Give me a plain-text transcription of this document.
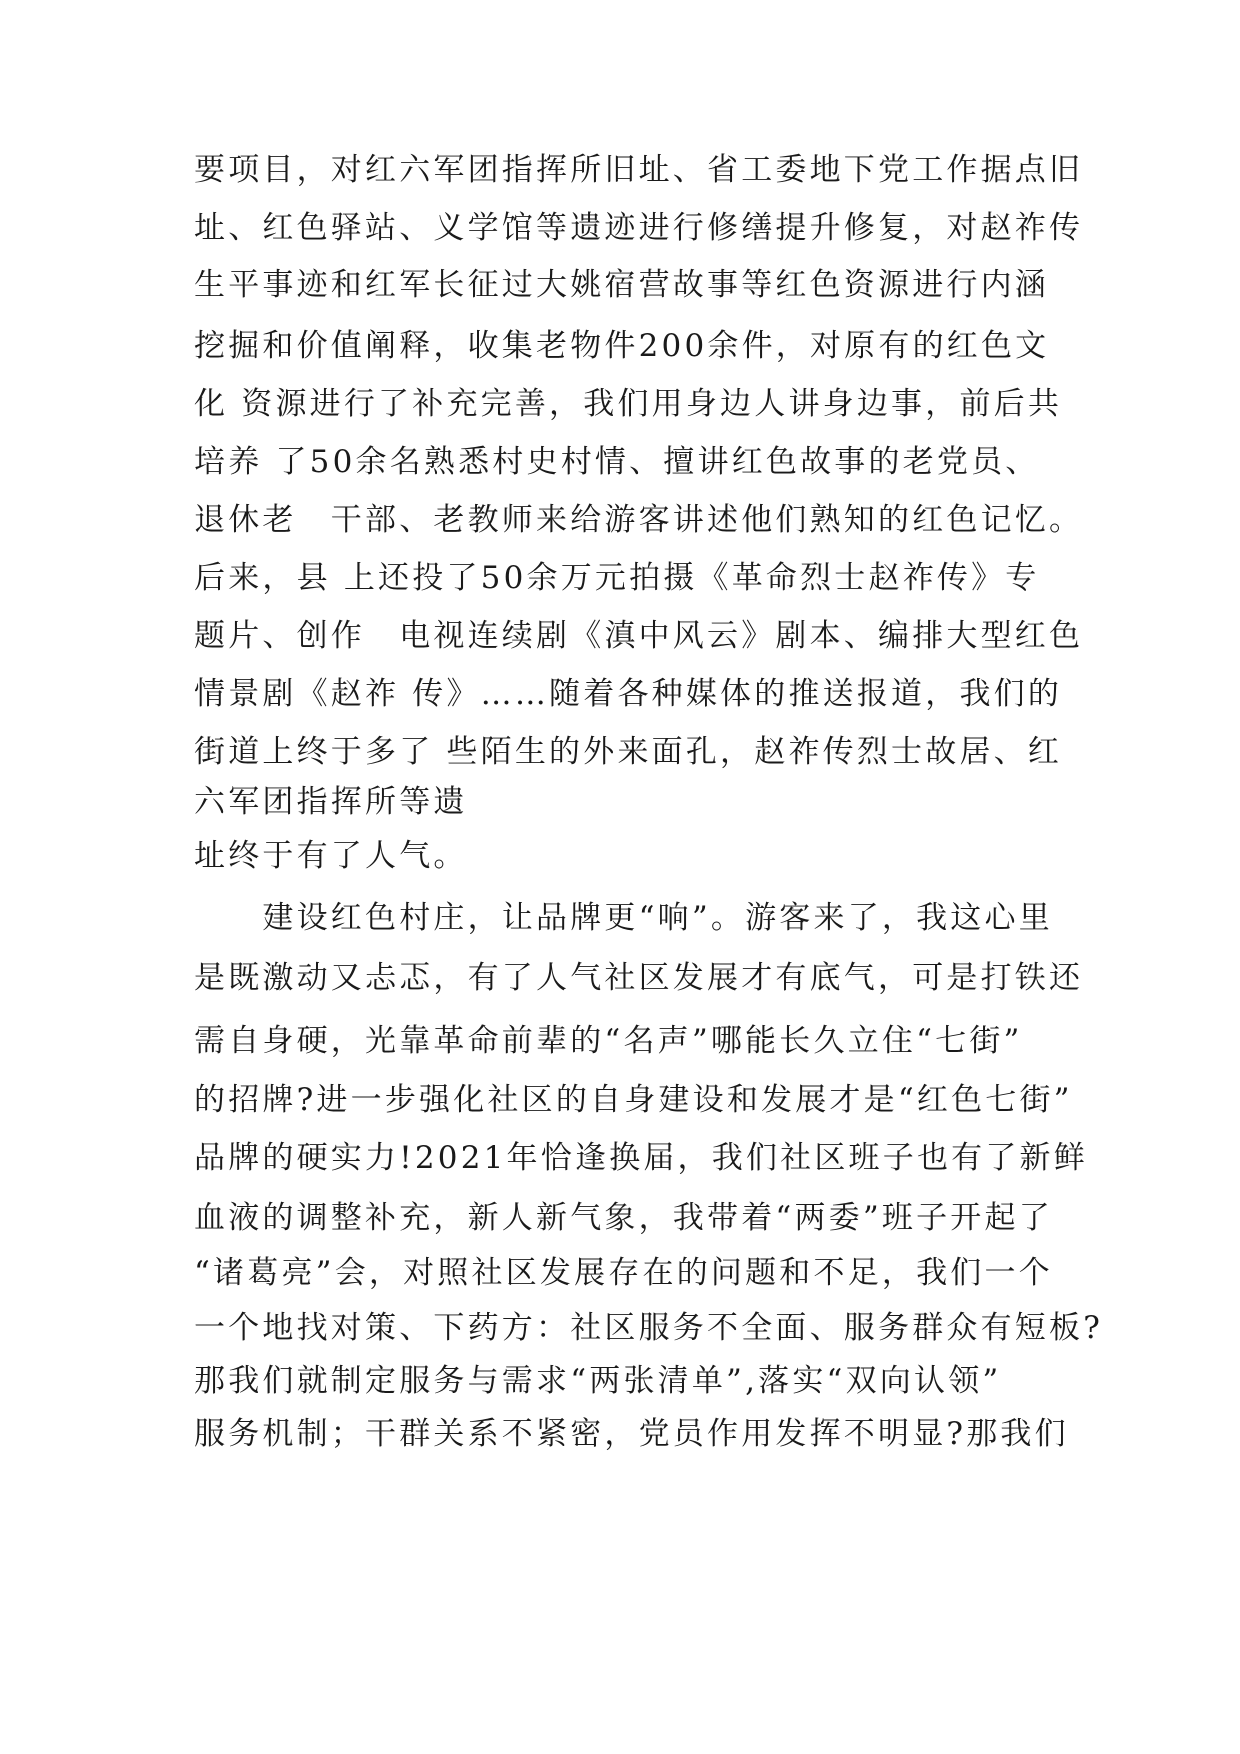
要项目，对红六军团指挥所旧址、省工委地下党工作据点旧

址、红色驿站、义学馆等遗迹进行修缮提升修复，对赵祚传

生平事迹和红军长征过大姚宿营故事等红色资源进行内涵

挖掘和价值阐释，收集老物件200余件，对原有的红色文

化 资源进行了补充完善，我们用身边人讲身边事，前后共

培养 了50余名熟悉村史村情、擅讲红色故事的老党员、

退休老　干部、老教师来给游客讲述他们熟知的红色记忆。

后来，县 上还投了50余万元拍摄《革命烈士赵祚传》专

题片、创作　电视连续剧《滇中风云》剧本、编排大型红色

情景剧《赵祚 传》……随着各种媒体的推送报道，我们的

街道上终于多了 些陌生的外来面孔，赵祚传烈士故居、红

六军团指挥所等遗

址终于有了人气。

　　建设红色村庄，让品牌更“响”。游客来了，我这心里

是既激动又忐忑，有了人气社区发展才有底气，可是打铁还

需自身硬，光靠革命前辈的“名声”哪能长久立住“七街”

的招牌?进一步强化社区的自身建设和发展才是“红色七街”

品牌的硬实力!2021年恰逢换届，我们社区班子也有了新鲜

血液的调整补充，新人新气象，我带着“两委”班子开起了

“诸葛亮”会，对照社区发展存在的问题和不足，我们一个

一个地找对策、下药方：社区服务不全面、服务群众有短板?

那我们就制定服务与需求“两张清单”,落实“双向认领”

服务机制；干群关系不紧密，党员作用发挥不明显?那我们
